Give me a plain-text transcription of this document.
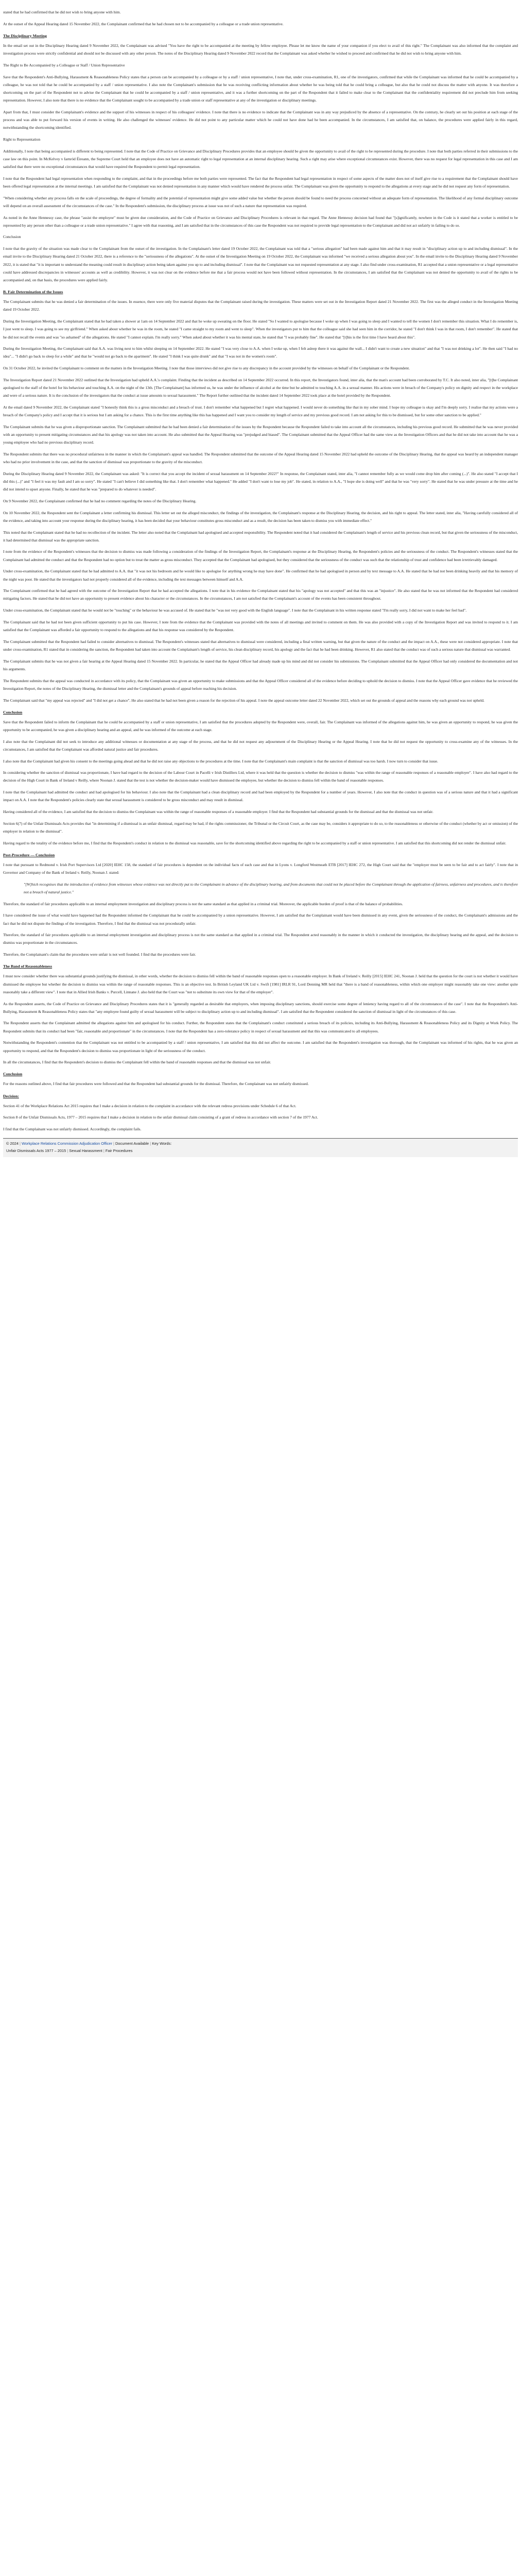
stated that he had confirmed that he did not wish to bring anyone with him.

At the outset of the Appeal Hearing dated 15 November 2022, the Complainant confirmed that he had chosen not to be accompanied by a colleague or a trade union representative.

The Disciplinary Meeting

In the email set out in the Disciplinary Hearing dated 9 November 2022, the Complainant was advised "You have the right to be accompanied at the meeting by fellow employee. Please let me know the name of your companion if you elect to avail of this right." The Complainant was also informed that the complaint and investigation process were strictly confidential and should not be discussed with any other person. The notes of the Disciplinary Hearing dated 9 November 2022 record that the Complainant was asked whether he wished to proceed and confirmed that he did not wish to bring anyone with him.

The Right to Be Accompanied by a Colleague or Staff / Union Representative

Save that the Respondent's Anti-Bullying, Harassment & Reasonableness Policy states that a person can be accompanied by a colleague or by a staff / union representative, I note that, under cross-examination, R1, one of the investigators, confirmed that while the Complainant was informed that he could be accompanied by a colleague, he was not told that he could be accompanied by a staff / union representative. I also note the Complainant's submission that he was receiving conflicting information about whether he was being told that he could bring a colleague, but also that he could not discuss the matter with anyone. It was therefore a shortcoming on the part of the Respondent not to advise the Complainant that he could be accompanied by a staff / union representative, and it was a further shortcoming on the part of the Respondent that it failed to make clear to the Complainant that the confidentiality requirement did not preclude him from seeking representation. However, I also note that there is no evidence that the Complainant sought to be accompanied by a trade union or staff representative at any of the investigation or disciplinary meetings.

Apart from that, I must consider the Complainant's evidence and the support of his witnesses in respect of his colleagues' evidence. I note that there is no evidence to indicate that the Complainant was in any way prejudiced by the absence of a representative. On the contrary, he clearly set out his position at each stage of the process and was able to put forward his version of events in writing. He also challenged the witnesses' evidence. He did not point to any particular matter which he could not have done had he been accompanied. In the circumstances, I am satisfied that, on balance, the procedures were applied fairly in this regard, notwithstanding the shortcoming identified.

Right to Representation

Additionally, I note that being accompanied is different to being represented. I note that the Code of Practice on Grievance and Disciplinary Procedures provides that an employee should be given the opportunity to avail of the right to be represented during the procedure. I note that both parties referred in their submissions to the case law on this point. In McKelvey v Iarnród Éireann, the Supreme Court held that an employee does not have an automatic right to legal representation at an internal disciplinary hearing. Such a right may arise where exceptional circumstances exist. However, there was no request for legal representation in this case and I am satisfied that there were no exceptional circumstances that would have required the Respondent to permit legal representation.

I note that the Respondent had legal representation when responding to the complaint, and that in the proceedings before me both parties were represented. The fact that the Respondent had legal representation in respect of some aspects of the matter does not of itself give rise to a requirement that the Complainant should have been offered legal representation at the internal meetings. I am satisfied that the Complainant was not denied representation in any manner which would have rendered the process unfair. The Complainant was given the opportunity to respond to the allegations at every stage and he did not request any form of representation.

"When considering whether any process falls on the scale of proceedings, the degree of formality and the potential of representation might give some added value but whether the person should be found to need the process concerned without an adequate form of representation. The likelihood of any formal disciplinary outcome will depend on an overall assessment of the circumstances of the case." In the Respondent's submission, the disciplinary process at issue was not of such a nature that representation was required.

As noted in the Anne Hennessy case, the phrase "assist the employee" must be given due consideration, and the Code of Practice on Grievance and Disciplinary Procedures is relevant in that regard. The Anne Hennessy decision had found that "[s]ignificantly, nowhere in the Code is it stated that a worker is entitled to be represented by any person other than a colleague or a trade union representative." I agree with that reasoning, and I am satisfied that in the circumstances of this case the Respondent was not required to provide legal representation to the Complainant and did not act unfairly in failing to do so.

Conclusion

I note that the gravity of the situation was made clear to the Complainant from the outset of the investigation. In the Complainant's letter dated 19 October 2022, the Complainant was told that a "serious allegation" had been made against him and that it may result in "disciplinary action up to and including dismissal". In the email invite to the Disciplinary Hearing dated 21 October 2022, there is a reference to the "seriousness of the allegations". At the outset of the Investigation Meeting on 19 October 2022, the Complainant was informed "we received a serious allegation about you". In the email invite to the Disciplinary Hearing dated 9 November 2022, it is stated that "it is important to understand the meaning could result in disciplinary action being taken against you up to and including dismissal". I note that the Complainant was not requested representation at any stage. I also find under cross-examination, R1 accepted that a union representative or a legal representative could have addressed discrepancies in witnesses' accounts as well as credibility. However, it was not clear on the evidence before me that a fair process would not have been followed without representation. In the circumstances, I am satisfied that the Complainant was not denied the opportunity to avail of the rights to be accompanied and, on that basis, the procedures were applied fairly.

B. Fair Determination of the Issues

The Complainant submits that he was denied a fair determination of the issues. In essence, there were only five material disputes that the Complainant raised during the investigation. These matters were set out in the Investigation Report dated 21 November 2022. The first was the alleged conduct in the Investigation Meeting dated 19 October 2022.

During the Investigation Meeting, the Complainant stated that he had taken a shower at 1am on 14 September 2022 and that he woke up sweating on the floor. He stated "So I wanted to apologise because I woke up when I was going to sleep and I wanted to tell the women I don't remember this situation. What I do remember is, I just went to sleep. I was going to see my girlfriend." When asked about whether he was in the room, he stated "I came straight to my room and went to sleep". When the investigators put to him that the colleague said she had seen him in the corridor, he stated "I don't think I was in that room, I don't remember". He stated that he did not recall the events and was "so ashamed" of the allegations. He stated "I cannot explain. I'm really sorry." When asked about whether it was his mental state, he stated that "I was probably fine". He stated that "[t]his is the first time I have heard about this".

During the Investigation Meeting, the Complainant said that A.A. was living next to him whilst sleeping on 14 September 2022. He stated "I was very close to A.A. when I woke up, when I felt asleep there it was against the wall... I didn't want to create a new situation" and that "I was not drinking a lot". He then said "I had no idea"... "I didn't go back to sleep for a while" and that he "would not go back to the apartment". He stated "I think I was quite drunk" and that "I was not in the women's room".

On 31 October 2022, he invited the Complainant to comment on the matters in the Investigation Meeting. I note that those interviews did not give rise to any discrepancy in the account provided by the witnesses on behalf of the Complainant or the Respondent.

The Investigation Report dated 21 November 2022 outlined that the Investigation had upheld A.A.'s complaint. Finding that the incident as described on 14 September 2022 occurred. In this report, the Investigators found, inter alia, that the man's account had been corroborated by T.C. It also noted, inter alia, "[t]he Complainant apologised to the staff of the hotel for his behaviour and touching A.A. on the night of the 13th. [The Complainant] has informed us, he was under the influence of alcohol at the time but he admitted to touching A.A. in a sexual manner. His actions were in breach of the Company's policy on dignity and respect in the workplace and were of a serious nature. It is the conclusion of the investigators that the conduct at issue amounts to sexual harassment." The Report further outlined that the incident dated 14 September 2022 took place at the hotel provided by the Respondent.

At the email dated 9 November 2022, the Complainant stated "I honestly think this is a gross misconduct and a breach of trust. I don't remember what happened but I regret what happened. I would never do something like that in my sober mind. I hope my colleague is okay and I'm deeply sorry. I realise that my actions were a breach of the Company's policy and I accept that it is serious but I am asking for a chance. This is the first time anything like this has happened and I want you to consider my length of service and my previous good record. I am not asking for this to be dismissed, but for some other sanction to be applied."

The Complainant submits that he was given a disproportionate sanction. The Complainant submitted that he had been denied a fair determination of the issues by the Respondent because the Respondent failed to take into account all the circumstances, including his previous good record. He submitted that he was never provided with an opportunity to present mitigating circumstances and that his apology was not taken into account. He also submitted that the Appeal Hearing was "prejudged and biased". The Complainant submitted that the Appeal Officer had the same view as the Investigation Officers and that he did not take into account that he was a young employee who had no previous disciplinary record.

The Respondent submits that there was no procedural unfairness in the manner in which the Complainant's appeal was handled. The Respondent submitted that the outcome of the Appeal Hearing dated 15 November 2022 had upheld the outcome of the Disciplinary Hearing, that the appeal was heard by an independent manager who had no prior involvement in the case, and that the sanction of dismissal was proportionate to the gravity of the misconduct.

During the Disciplinary Hearing dated 9 November 2022, the Complainant was asked: "It is correct that you accept the incident of sexual harassment on 14 September 2022?" In response, the Complainant stated, inter alia, "I cannot remember fully as we would come drop him after coming (...)". He also stated "I accept that I did this (...)" and "I feel it was my fault and I am so sorry". He stated "I can't believe I did something like that. I don't remember what happened." He added "I don't want to lose my job". He stated, in relation to A.A., "I hope she is doing well" and that he was "very sorry". He stated that he was under pressure at the time and he did not intend to upset anyone. Finally, he stated that he was "prepared to do whatever is needed".

On 9 November 2022, the Complainant confirmed that he had no comment regarding the notes of the Disciplinary Hearing.

On 10 November 2022, the Respondent sent the Complainant a letter confirming his dismissal. This letter set out the alleged misconduct, the findings of the investigation, the Complainant's response at the Disciplinary Hearing, the decision, and his right to appeal. The letter stated, inter alia, "Having carefully considered all of the evidence, and taking into account your response during the disciplinary hearing, it has been decided that your behaviour constitutes gross misconduct and as a result, the decision has been taken to dismiss you with immediate effect."

This noted that the Complainant stated that he had no recollection of the incident. The letter also noted that the Complainant had apologised and accepted responsibility. The Respondent noted that it had considered the Complainant's length of service and his previous clean record, but that given the seriousness of the misconduct, it had determined that dismissal was the appropriate sanction.

I note from the evidence of the Respondent's witnesses that the decision to dismiss was made following a consideration of the findings of the Investigation Report, the Complainant's response at the Disciplinary Hearing, the Respondent's policies and the seriousness of the conduct. The Respondent's witnesses stated that the Complainant had admitted the conduct and that the Respondent had no option but to treat the matter as gross misconduct. They accepted that the Complainant had apologised, but they considered that the seriousness of the conduct was such that the relationship of trust and confidence had been irretrievably damaged.

Under cross-examination, the Complainant stated that he had admitted to A.A. that "it was not his bedroom and he would like to apologise for anything wrong he may have done". He confirmed that he had apologised in person and by text message to A.A. He stated that he had not been drinking heavily and that his memory of the night was poor. He stated that the investigators had not properly considered all of the evidence, including the text messages between himself and A.A.

The Complainant confirmed that he had agreed with the outcome of the Investigation Report that he had accepted the allegations. I note that in his evidence the Complainant stated that his "apology was not accepted" and that this was an "injustice". He also stated that he was not informed that the Respondent had considered mitigating factors. He stated that he did not have an opportunity to present evidence about his character or the circumstances. In the circumstances, I am not satisfied that the Complainant's account of the events has been consistent throughout.

Under cross-examination, the Complainant stated that he would not be "touching" or the behaviour he was accused of. He stated that he "was not very good with the English language". I note that the Complainant in his written response stated "I'm really sorry, I did not want to make her feel bad".

The Complainant said that he had not been given sufficient opportunity to put his case. However, I note from the evidence that the Complainant was provided with the notes of all meetings and invited to comment on them. He was also provided with a copy of the Investigation Report and was invited to respond to it. I am satisfied that the Complainant was afforded a fair opportunity to respond to the allegations and that his response was considered by the Respondent.

The Complainant submitted that the Respondent had failed to consider alternatives to dismissal. The Respondent's witnesses stated that alternatives to dismissal were considered, including a final written warning, but that given the nature of the conduct and the impact on A.A., these were not considered appropriate. I note that under cross-examination, R1 stated that in considering the sanction, the Respondent had taken into account the Complainant's length of service, his clean disciplinary record, his apology and the fact that he had been drinking. However, R1 also stated that the conduct was of such a serious nature that dismissal was warranted.

The Complainant submits that he was not given a fair hearing at the Appeal Hearing dated 15 November 2022. In particular, he stated that the Appeal Officer had already made up his mind and did not consider his submissions. The Complainant submitted that the Appeal Officer had only considered the documentation and not his arguments.

The Respondent submits that the appeal was conducted in accordance with its policy, that the Complainant was given an opportunity to make submissions and that the Appeal Officer considered all of the evidence before deciding to uphold the decision to dismiss. I note that the Appeal Officer gave evidence that he reviewed the Investigation Report, the notes of the Disciplinary Hearing, the dismissal letter and the Complainant's grounds of appeal before reaching his decision.

The Complainant said that "my appeal was rejected" and "I did not get a chance". He also stated that he had not been given a reason for the rejection of his appeal. I note the appeal outcome letter dated 22 November 2022, which set out the grounds of appeal and the reasons why each ground was not upheld.

Conclusion

Save that the Respondent failed to inform the Complainant that he could be accompanied by a staff or union representative, I am satisfied that the procedures adopted by the Respondent were, overall, fair. The Complainant was informed of the allegations against him, he was given an opportunity to respond, he was given the opportunity to be accompanied, he was given a disciplinary hearing and an appeal, and he was informed of the outcome at each stage.

I also note that the Complainant did not seek to introduce any additional witnesses or documentation at any stage of the process, and that he did not request any adjournment of the Disciplinary Hearing or the Appeal Hearing. I note that he did not request the opportunity to cross-examine any of the witnesses. In the circumstances, I am satisfied that the Complainant was afforded natural justice and fair procedures.

I also note that the Complainant had given his consent to the meetings going ahead and that he did not raise any objections to the procedures at the time. I note that the Complainant's main complaint is that the sanction of dismissal was too harsh. I now turn to consider that issue.

In considering whether the sanction of dismissal was proportionate, I have had regard to the decision of the Labour Court in Pacelli v Irish Distillers Ltd, where it was held that the question is whether the decision to dismiss "was within the range of reasonable responses of a reasonable employer". I have also had regard to the decision of the High Court in Bank of Ireland v Reilly, where Noonan J. stated that the test is not whether the decision-maker would have dismissed the employee, but whether the decision to dismiss fell within the band of reasonable responses.

I note that the Complainant had admitted the conduct and had apologised for his behaviour. I also note that the Complainant had a clean disciplinary record and had been employed by the Respondent for a number of years. However, I also note that the conduct in question was of a serious nature and that it had a significant impact on A.A. I note that the Respondent's policies clearly state that sexual harassment is considered to be gross misconduct and may result in dismissal.

Having considered all of the evidence, I am satisfied that the decision to dismiss the Complainant was within the range of reasonable responses of a reasonable employer. I find that the Respondent had substantial grounds for the dismissal and that the dismissal was not unfair.

Section 6(7) of the Unfair Dismissals Acts provides that "in determining if a dismissal is an unfair dismissal, regard may be had, if the rights commissioner, the Tribunal or the Circuit Court, as the case may be, considers it appropriate to do so, to the reasonableness or otherwise of the conduct (whether by act or omission) of the employer in relation to the dismissal".

Having regard to the totality of the evidence before me, I find that the Respondent's conduct in relation to the dismissal was reasonable, save for the shortcoming identified above regarding the right to be accompanied by a staff or union representative. I am satisfied that this shortcoming did not render the dismissal unfair.

Post-Procedure — Conclusion

I note that pursuant to Redmond v. Irish Port Supervisors Ltd [2020] IEHC 158, the standard of fair procedures is dependent on the individual facts of each case and that in Lyons v. Longford Westmeath ETB [2017] IEHC 272, the High Court said that the "employer must be seen to be fair and to act fairly". I note that in Governor and Company of the Bank of Ireland v. Reilly, Noonan J. stated:

"[W]hich recognises that the introduction of evidence from witnesses whose evidence was not directly put to the Complainant in advance of the disciplinary hearing, and from documents that could not be placed before the Complainant through the application of fairness, unfairness and procedures, and is therefore not a breach of natural justice."

Therefore, the standard of fair procedures applicable to an internal employment investigation and disciplinary process is not the same standard as that applied in a criminal trial. Moreover, the applicable burden of proof is that of the balance of probabilities.

I have considered the issue of what would have happened had the Respondent informed the Complainant that he could be accompanied by a union representative. However, I am satisfied that the Complainant would have been dismissed in any event, given the seriousness of the conduct, the Complainant's admissions and the fact that he did not dispute the findings of the investigation. Therefore, I find that the dismissal was not procedurally unfair.

Therefore, the standard of fair procedures applicable to an internal employment investigation and disciplinary process is not the same standard as that applied in a criminal trial. The Respondent acted reasonably in the manner in which it conducted the investigation, the disciplinary hearing and the appeal, and the decision to dismiss was proportionate in the circumstances.

Therefore, the Complainant's claim that the procedures were unfair is not well founded. I find that the procedures were fair.

The Band of Reasonableness

I must now consider whether there was substantial grounds justifying the dismissal, in other words, whether the decision to dismiss fell within the band of reasonable responses open to a reasonable employer. In Bank of Ireland v. Reilly [2015] IEHC 241, Noonan J. held that the question for the court is not whether it would have dismissed the employee but whether the decision to dismiss was within the range of reasonable responses. This is an objective test. In British Leyland UK Ltd v. Swift [1981] IRLR 91, Lord Denning MR held that "there is a band of reasonableness, within which one employer might reasonably take one view: another quite reasonably take a different view". I note that in Allied Irish Banks v. Purcell, Linnane J. also held that the Court was "not to substitute its own view for that of the employer".

As the Respondent asserts, the Code of Practice on Grievance and Disciplinary Procedures states that it is "generally regarded as desirable that employers, when imposing disciplinary sanctions, should exercise some degree of leniency having regard to all of the circumstances of the case". I note that the Respondent's Anti-Bullying, Harassment & Reasonableness Policy states that "any employee found guilty of sexual harassment will be subject to disciplinary action up to and including dismissal". I am satisfied that the Respondent considered the sanction of dismissal in light of the circumstances of this case.

The Respondent asserts that the Complainant admitted the allegations against him and apologised for his conduct. Further, the Respondent states that the Complainant's conduct constituted a serious breach of its policies, including its Anti-Bullying, Harassment & Reasonableness Policy and its Dignity at Work Policy. The Respondent submits that its conduct had been "fair, reasonable and proportionate" in the circumstances. I note that the Respondent has a zero-tolerance policy in respect of sexual harassment and that this was communicated to all employees.

Notwithstanding the Respondent's contention that the Complainant was not entitled to be accompanied by a staff / union representative, I am satisfied that this did not affect the outcome. I am satisfied that the Respondent's investigation was thorough, that the Complainant was informed of his rights, that he was given an opportunity to respond, and that the Respondent's decision to dismiss was proportionate in light of the seriousness of the conduct.

In all the circumstances, I find that the Respondent's decision to dismiss the Complainant fell within the band of reasonable responses and that the dismissal was not unfair.

Conclusion

For the reasons outlined above, I find that fair procedures were followed and that the Respondent had substantial grounds for the dismissal. Therefore, the Complainant was not unfairly dismissed.

Decision:

Section 41 of the Workplace Relations Act 2015 requires that I make a decision in relation to the complaint in accordance with the relevant redress provisions under Schedule 6 of that Act.

Section 8 of the Unfair Dismissals Acts, 1977 – 2015 requires that I make a decision in relation to the unfair dismissal claim consisting of a grant of redress in accordance with section 7 of the 1977 Act.

I find that the Complainant was not unfairly dismissed. Accordingly, the complaint fails.

© 2024 | Workplace Relations Commission Adjudication Officer | Document Available | Key Words:
Unfair Dismissals Acts 1977 – 2015 | Sexual Harassment | Fair Procedures
